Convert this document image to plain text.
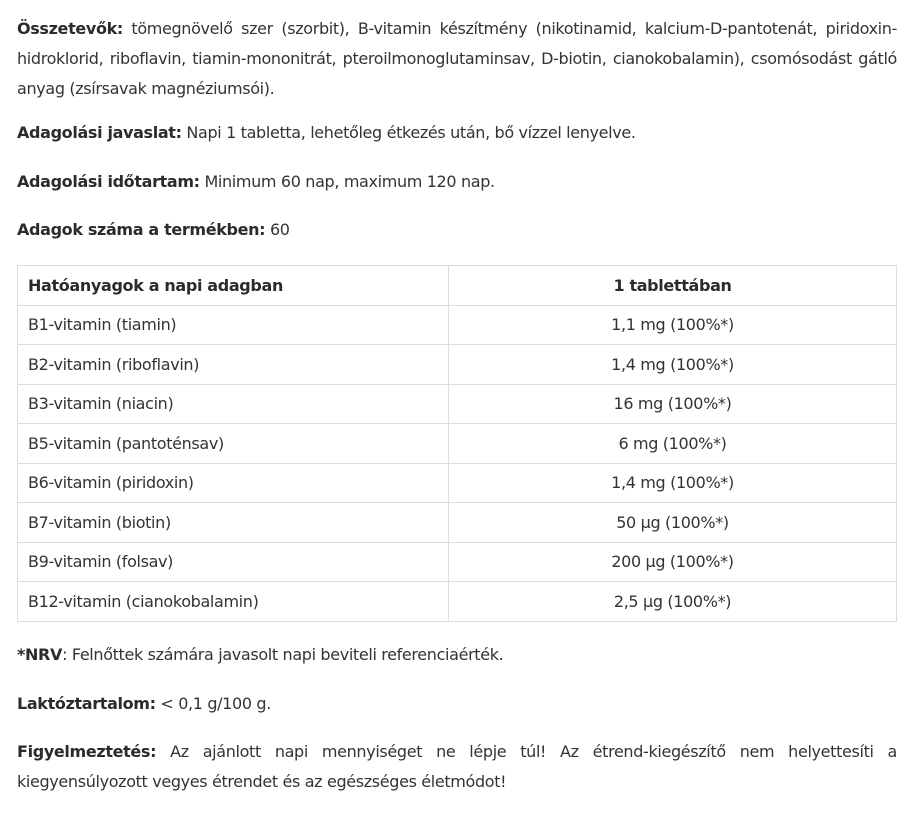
Összetevők: tömegnövelő szer (szorbit), B-vitamin készítmény (nikotinamid, kalcium-D-pantotenát, piridoxin-hidroklorid, riboflavin, tiamin-mononitrát, pteroilmonoglutaminsav, D-biotin, cianokobalamin), csomósodást gátló anyag (zsírsavak magnéziumsói).

Adagolási javaslat: Napi 1 tabletta, lehetőleg étkezés után, bő vízzel lenyelve.

Adagolási időtartam: Minimum 60 nap, maximum 120 nap.

Adagok száma a termékben: 60

Hatóanyagok a napi adagban	1 tablettában
B1-vitamin (tiamin)	1,1 mg (100%*)
B2-vitamin (riboflavin)	1,4 mg (100%*)
B3-vitamin (niacin)	16 mg (100%*)
B5-vitamin (pantoténsav)	6 mg (100%*)
B6-vitamin (piridoxin)	1,4 mg (100%*)
B7-vitamin (biotin)	50 µg (100%*)
B9-vitamin (folsav)	200 µg (100%*)
B12-vitamin (cianokobalamin)	2,5 µg (100%*)

*NRV: Felnőttek számára javasolt napi beviteli referenciaérték.

Laktóztartalom: < 0,1 g/100 g.

Figyelmeztetés: Az ajánlott napi mennyiséget ne lépje túl! Az étrend-kiegészítő nem helyettesíti a kiegyensúlyozott vegyes étrendet és az egészséges életmódot!
